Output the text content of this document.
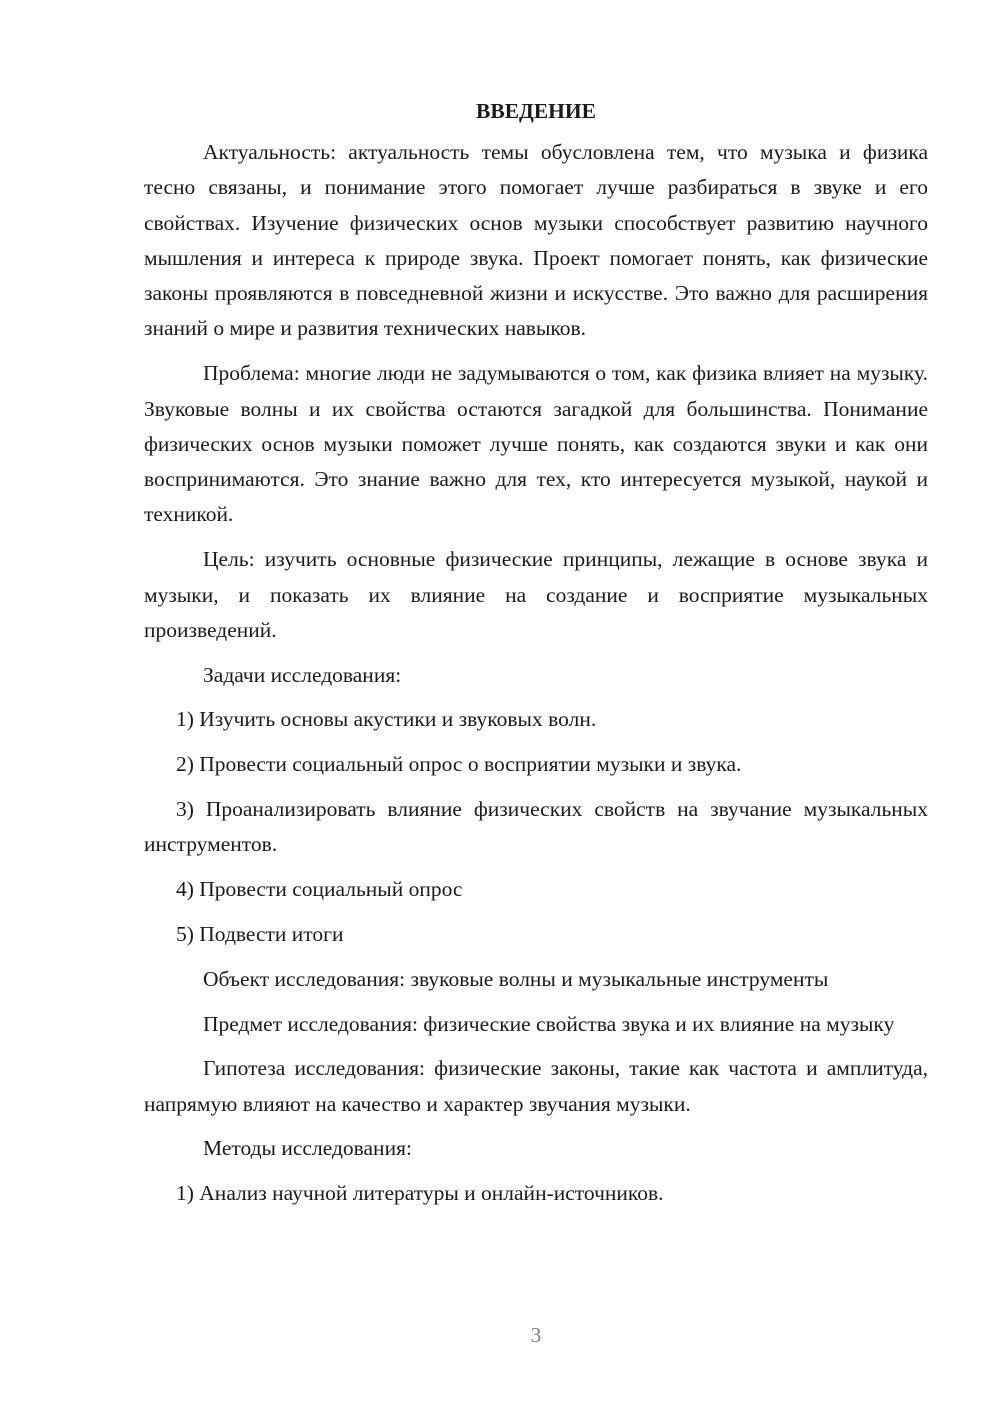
ВВЕДЕНИЕ

Актуальность: актуальность темы обусловлена тем, что музыка и физика тесно связаны, и понимание этого помогает лучше разбираться в звуке и его свойствах. Изучение физических основ музыки способствует развитию научного мышления и интереса к природе звука. Проект помогает понять, как физические законы проявляются в повседневной жизни и искусстве. Это важно для расширения знаний о мире и развития технических навыков.

Проблема: многие люди не задумываются о том, как физика влияет на музыку. Звуковые волны и их свойства остаются загадкой для большинства. Понимание физических основ музыки поможет лучше понять, как создаются звуки и как они воспринимаются. Это знание важно для тех, кто интересуется музыкой, наукой и техникой.

Цель: изучить основные физические принципы, лежащие в основе звука и музыки, и показать их влияние на создание и восприятие музыкальных произведений.

Задачи исследования:

1) Изучить основы акустики и звуковых волн.

2) Провести социальный опрос о восприятии музыки и звука.

3) Проанализировать влияние физических свойств на звучание музыкальных инструментов.

4) Провести социальный опрос

5) Подвести итоги

Объект исследования: звуковые волны и музыкальные инструменты

Предмет исследования: физические свойства звука и их влияние на музыку

Гипотеза исследования: физические законы, такие как частота и амплитуда, напрямую влияют на качество и характер звучания музыки.

Методы исследования:

1) Анализ научной литературы и онлайн-источников.

3
